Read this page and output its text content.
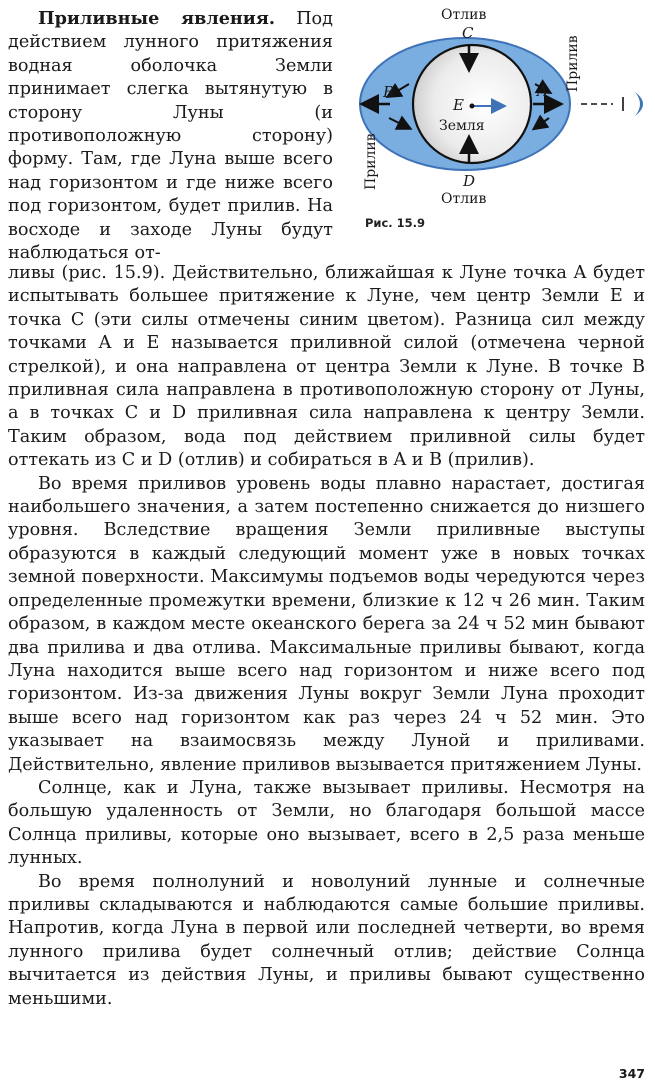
Приливные явления. Под действием лунного притяжения водная оболочка Земли принимает слегка вытянутую в сторону Луны (и противоположную сторону) форму. Там, где Луна выше всего над горизонтом и где ниже всего под горизонтом, будет прилив. На восходе и заходе Луны будут наблюдаться от-

Отлив
C
B	A
E
Земля
D
Отлив
Прилив
Прилив
Рис. 15.9

ливы (рис. 15.9). Действительно, ближайшая к Луне точка A будет испытывать большее притяжение к Луне, чем центр Земли E и точка C (эти силы отмечены синим цветом). Разница сил между точками A и E называется приливной силой (отмечена черной стрелкой), и она направлена от центра Земли к Луне. В точке B приливная сила направлена в противоположную сторону от Луны, а в точках C и D приливная сила направлена к центру Земли. Таким образом, вода под действием приливной силы будет оттекать из C и D (отлив) и собираться в A и B (прилив).

Во время приливов уровень воды плавно нарастает, достигая наибольшего значения, а затем постепенно снижается до низшего уровня. Вследствие вращения Земли приливные выступы образуются в каждый следующий момент уже в новых точках земной поверхности. Максимумы подъемов воды чередуются через определенные промежутки времени, близкие к 12 ч 26 мин. Таким образом, в каждом месте океанского берега за 24 ч 52 мин бывают два прилива и два отлива. Максимальные приливы бывают, когда Луна находится выше всего над горизонтом и ниже всего под горизонтом. Из-за движения Луны вокруг Земли Луна проходит выше всего над горизонтом как раз через 24 ч 52 мин. Это указывает на взаимосвязь между Луной и приливами. Действительно, явление приливов вызывается притяжением Луны.

Солнце, как и Луна, также вызывает приливы. Несмотря на большую удаленность от Земли, но благодаря большой массе Солнца приливы, которые оно вызывает, всего в 2,5 раза меньше лунных.

Во время полнолуний и новолуний лунные и солнечные приливы складываются и наблюдаются самые большие приливы. Напротив, когда Луна в первой или последней четверти, во время лунного прилива будет солнечный отлив; действие Солнца вычитается из действия Луны, и приливы бывают существенно меньшими.

347
